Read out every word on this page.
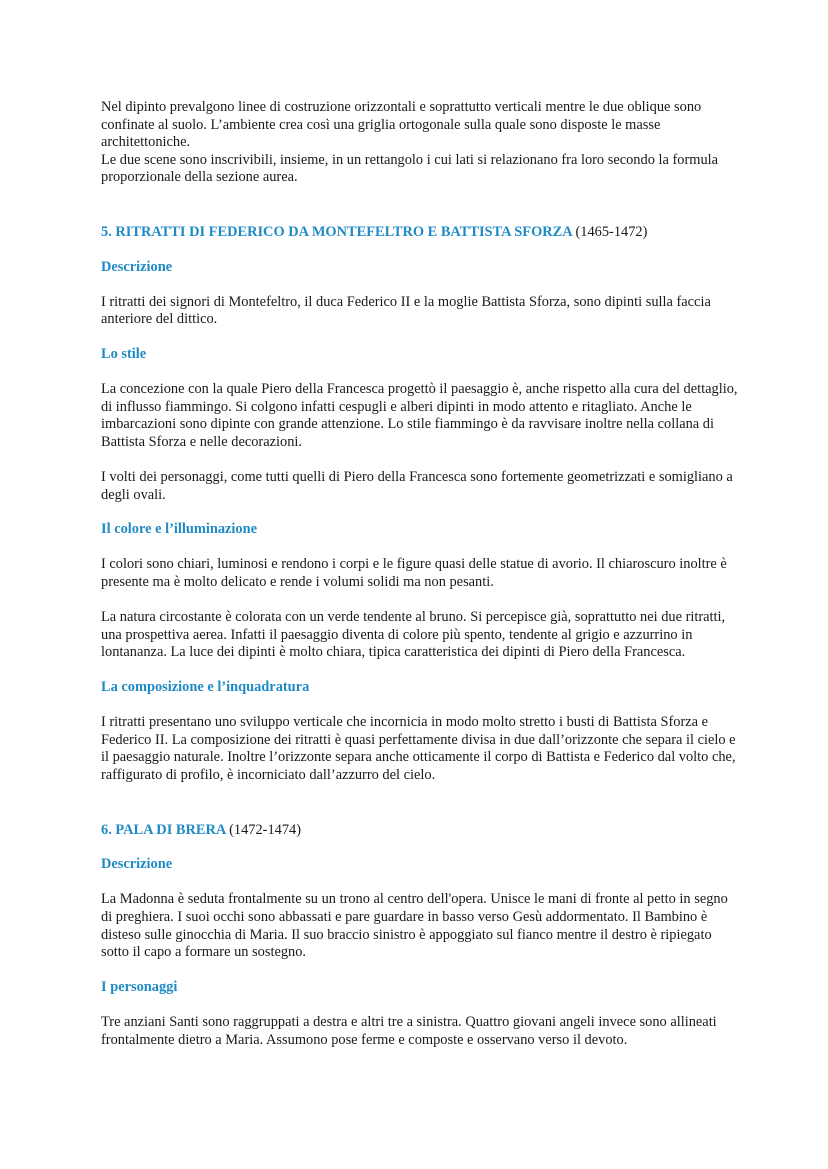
Nel dipinto prevalgono linee di costruzione orizzontali e soprattutto verticali mentre le due oblique sono confinate al suolo. L’ambiente crea così una griglia ortogonale sulla quale sono disposte le masse architettoniche.

Le due scene sono inscrivibili, insieme, in un rettangolo i cui lati si relazionano fra loro secondo la formula proporzionale della sezione aurea.

5. RITRATTI DI FEDERICO DA MONTEFELTRO E BATTISTA SFORZA (1465-1472)

Descrizione

I ritratti dei signori di Montefeltro, il duca Federico II e la moglie Battista Sforza, sono dipinti sulla faccia anteriore del dittico.

Lo stile

La concezione con la quale Piero della Francesca progettò il paesaggio è, anche rispetto alla cura del dettaglio, di influsso fiammingo. Si colgono infatti cespugli e alberi dipinti in modo attento e ritagliato. Anche le imbarcazioni sono dipinte con grande attenzione. Lo stile fiammingo è da ravvisare inoltre nella collana di Battista Sforza e nelle decorazioni.

I volti dei personaggi, come tutti quelli di Piero della Francesca sono fortemente geometrizzati e somigliano a degli ovali.

Il colore e l’illuminazione

I colori sono chiari, luminosi e rendono i corpi e le figure quasi delle statue di avorio. Il chiaroscuro inoltre è presente ma è molto delicato e rende i volumi solidi ma non pesanti.

La natura circostante è colorata con un verde tendente al bruno. Si percepisce già, soprattutto nei due ritratti, una prospettiva aerea. Infatti il paesaggio diventa di colore più spento, tendente al grigio e azzurrino in lontananza. La luce dei dipinti è molto chiara, tipica caratteristica dei dipinti di Piero della Francesca.

La composizione e l’inquadratura

I ritratti presentano uno sviluppo verticale che incornicia in modo molto stretto i busti di Battista Sforza e Federico II. La composizione dei ritratti è quasi perfettamente divisa in due dall’orizzonte che separa il cielo e il paesaggio naturale. Inoltre l’orizzonte separa anche otticamente il corpo di Battista e Federico dal volto che, raffigurato di profilo, è incorniciato dall’azzurro del cielo.

6. PALA DI BRERA (1472-1474)

Descrizione

La Madonna è seduta frontalmente su un trono al centro dell'opera. Unisce le mani di fronte al petto in segno di preghiera. I suoi occhi sono abbassati e pare guardare in basso verso Gesù addormentato. Il Bambino è disteso sulle ginocchia di Maria. Il suo braccio sinistro è appoggiato sul fianco mentre il destro è ripiegato sotto il capo a formare un sostegno.

I personaggi

Tre anziani Santi sono raggruppati a destra e altri tre a sinistra. Quattro giovani angeli invece sono allineati frontalmente dietro a Maria. Assumono pose ferme e composte e osservano verso il devoto.
